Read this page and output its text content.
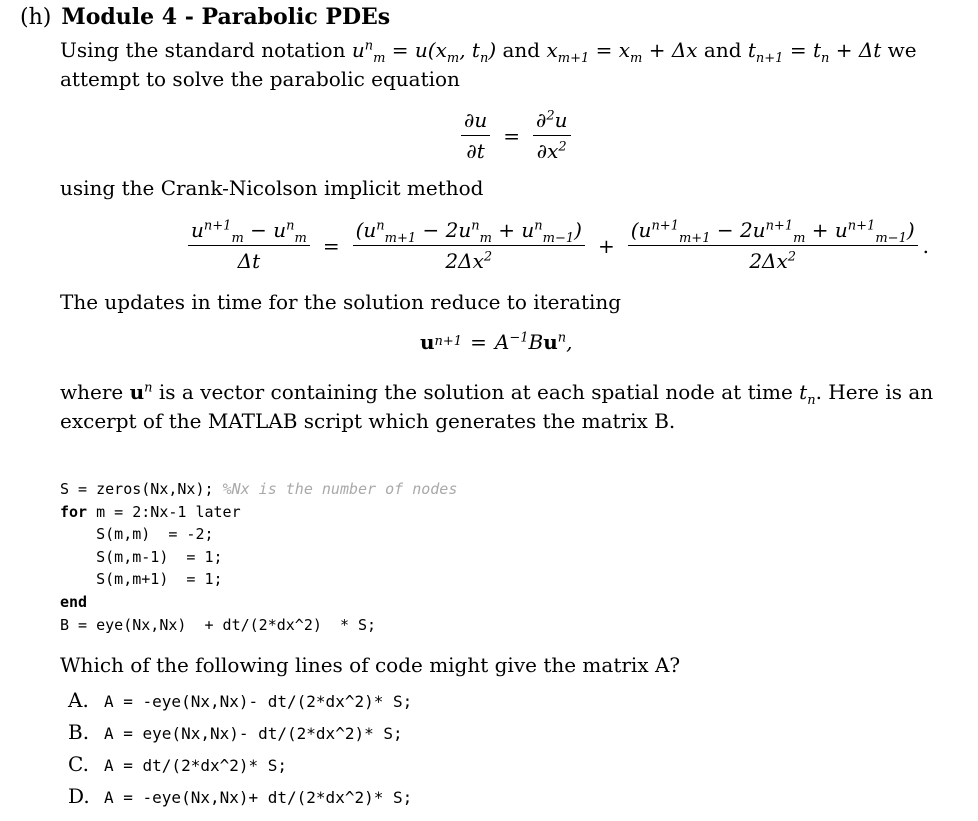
(h) Module 4 - Parabolic PDEs
Using the standard notation $u^n_m = u(x_m$, $t_n$) and $x_{m+1} = x_m + \Delta x$ and $t_{n+1} = t_n + \Delta t$ we
attempt to solve the parabolic equation
$\frac{\partial u}{\partial t} = \frac{\partial^2u}{\partial x^2}$
using the Crank-Nicolson implicit method
$\frac{u^{n+1}_m - u^n_m}{\Delta t} = \frac{(u^n_{m+1} - 2u^n_m + u^n_{m-1})}{2\Delta x^2} + \frac{(u^{n+1}_{m+1} - 2u^{n+1}_m + u^{n+1}_{m-1})}{2\Delta x^2}$ .
The updates in time for the solution reduce to iterating
u $n+1 = A^{-1}Bu^n$,
where $u^n$ is a vector containing the solution at each spatial node at time $t_n$. Here is an
excerpt of the MATLAB script which generates the matrix B.
S = zeros(Nx,Nx); %Nx is the number of nodes
for m = 2:Nx-1 later
S(m,m)  = -2;
S(m,m-1)  = 1;
S(m,m+1)  = 1;
end
B = eye(Nx,Nx)  + dt/(2*dx^2)  * S;
Which of the following lines of code might give the matrix A?
A. A = -eye(Nx,Nx)- dt/(2*dx^2)* S;
B. A = eye(Nx,Nx)- dt/(2*dx^2)* S;
C. A = dt/(2*dx^2)* S;
D. A = -eye(Nx,Nx)+ dt/(2*dx^2)* S;
